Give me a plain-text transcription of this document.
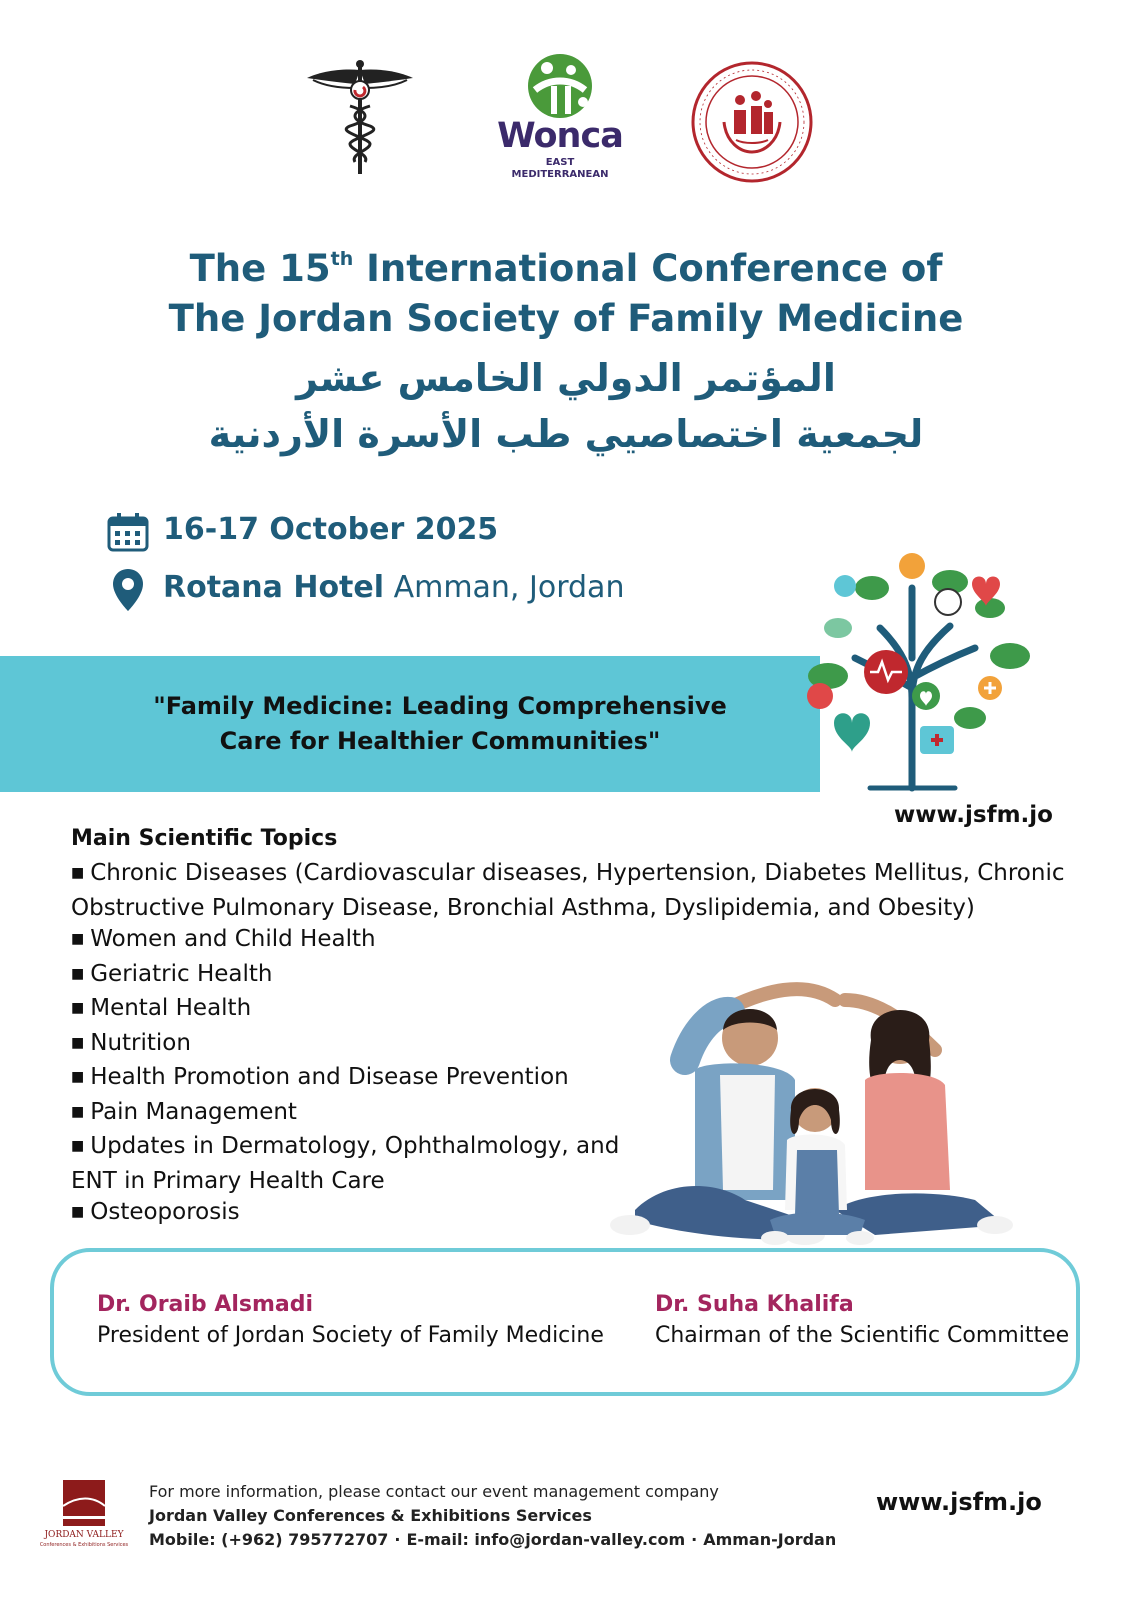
Wonca
EAST
MEDITERRANEAN
The 15th International Conference of
The Jordan Society of Family Medicine
المؤتمر الدولي الخامس عشر
لجمعية اختصاصيي طب الأسرة الأردنية
16-17 October 2025
Rotana Hotel Amman, Jordan
"Family Medicine: Leading Comprehensive
Care for Healthier Communities"
www.jsfm.jo
Main Scientific Topics
■ Chronic Diseases (Cardiovascular diseases, Hypertension, Diabetes Mellitus, Chronic Obstructive Pulmonary Disease, Bronchial Asthma, Dyslipidemia, and Obesity)
■ Women and Child Health
■ Geriatric Health
■ Mental Health
■ Nutrition
■ Health Promotion and Disease Prevention
■ Pain Management
■ Updates in Dermatology, Ophthalmology, and ENT in Primary Health Care
■ Osteoporosis
Dr. Oraib Alsmadi
President of Jordan Society of Family Medicine
Dr. Suha Khalifa
Chairman of the Scientific Committee
JORDAN VALLEY
Conferences & Exhibitions Services
For more information, please contact our event management company
Jordan Valley Conferences & Exhibitions Services
Mobile: (+962) 795772707 · E-mail: info@jordan-valley.com · Amman-Jordan
www.jsfm.jo
